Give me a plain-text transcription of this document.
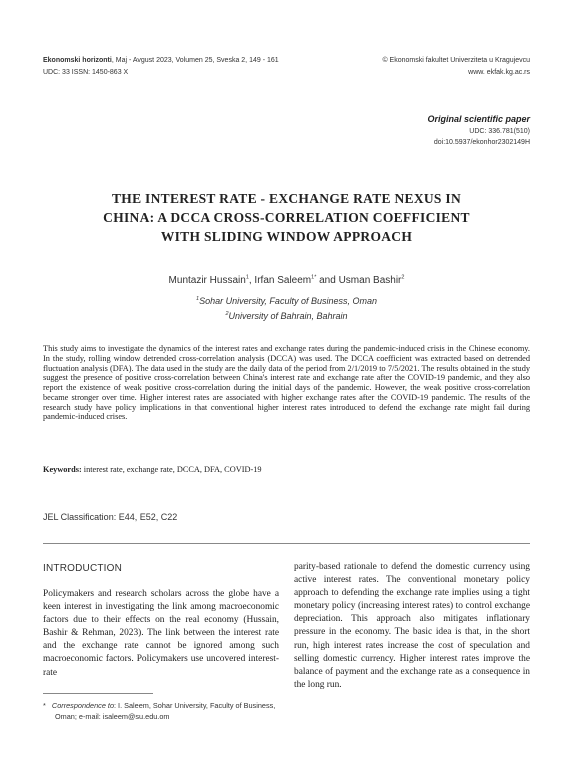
Ekonomski horizonti, Maj - Avgust 2023, Volumen 25, Sveska 2, 149 - 161
UDC: 33 ISSN: 1450-863 X
© Ekonomski fakultet Univerziteta u Kragujevcu
www. ekfak.kg.ac.rs
Original scientific paper
UDC: 336.781(510)
doi:10.5937/ekonhor2302149H
THE INTEREST RATE - EXCHANGE RATE NEXUS IN
CHINA: A DCCA CROSS-CORRELATION COEFFICIENT
WITH SLIDING WINDOW APPROACH
Muntazir Hussain$^1$, Irfan Saleem$^{1*}$ and Usman Bashir$^2$
$^1$Sohar University, Faculty of Business, Oman
$^2$University of Bahrain, Bahrain
This study aims to investigate the dynamics of the interest rates and exchange rates during the pandemic-induced crisis in the Chinese economy. In the study, rolling window detrended cross-correlation analysis (DCCA) was used. The DCCA coefficient was extracted based on detrended fluctuation analysis (DFA). The data used in the study are the daily data of the period from 2/1/2019 to 7/5/2021. The results obtained in the study suggest the presence of positive cross-correlation between China's interest rate and exchange rate after the COVID-19 pandemic, and they also report the existence of weak positive cross-correlation during the initial days of the pandemic. However, the weak positive cross-correlation became stronger over time. Higher interest rates are associated with higher exchange rates after the COVID-19 pandemic. The results of the research study have policy implications in that conventional higher interest rates introduced to defend the exchange rate might fail during pandemic-induced crises.
Keywords: interest rate, exchange rate, DCCA, DFA, COVID-19
JEL Classification: E44, E52, C22
INTRODUCTION
Policymakers and research scholars across the globe have a keen interest in investigating the link among macroeconomic factors due to their effects on the real economy (Hussain, Bashir & Rehman, 2023). The link between the interest rate and the exchange rate cannot be ignored among such macroeconomic factors. Policymakers use uncovered interest-rate
parity-based rationale to defend the domestic currency using active interest rates. The conventional monetary policy approach to defending the exchange rate implies using a tight monetary policy (increasing interest rates) to control exchange depreciation. This approach also mitigates inflationary pressure in the economy. The basic idea is that, in the short run, high interest rates increase the cost of speculation and selling domestic currency. Higher interest rates improve the balance of payment and the exchange rate as a consequence in the long run.
*   Correspondence to: I. Saleem, Sohar University, Faculty of Business, Oman; e-mail: isaleem@su.edu.om
